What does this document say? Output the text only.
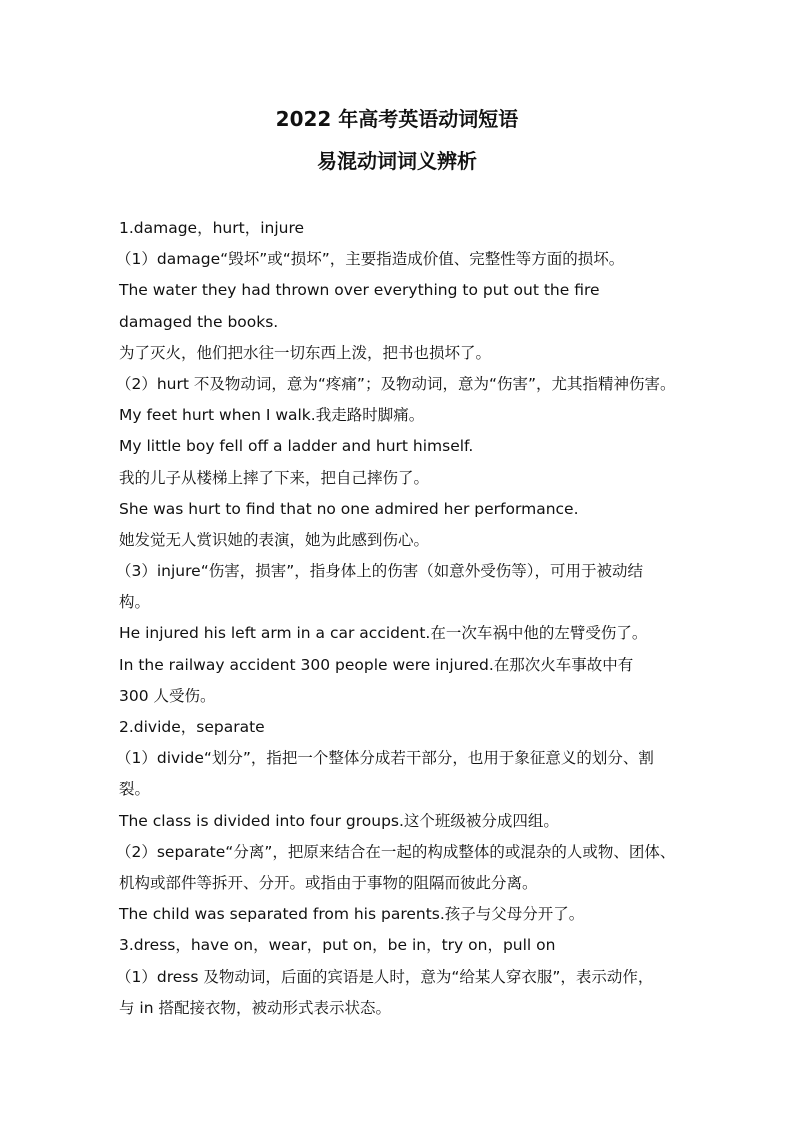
2022 年高考英语动词短语
易混动词词义辨析
1.damage，hurt，injure
（1）damage“毁坏”或“损坏”，主要指造成价值、完整性等方面的损坏。
The water they had thrown over everything to put out the fire
damaged the books.
为了灭火，他们把水往一切东西上泼，把书也损坏了。
（2）hurt 不及物动词，意为“疼痛”；及物动词，意为“伤害”，尤其指精神伤害。
My feet hurt when I walk.我走路时脚痛。
My little boy fell off a ladder and hurt himself.
我的儿子从楼梯上摔了下来，把自己摔伤了。
She was hurt to find that no one admired her performance.
她发觉无人赏识她的表演，她为此感到伤心。
（3）injure“伤害，损害”，指身体上的伤害（如意外受伤等），可用于被动结
构。
He injured his left arm in a car accident.在一次车祸中他的左臂受伤了。
In the railway accident 300 people were injured.在那次火车事故中有
300 人受伤。
2.divide，separate
（1）divide“划分”，指把一个整体分成若干部分，也用于象征意义的划分、割
裂。
The class is divided into four groups.这个班级被分成四组。
（2）separate“分离”，把原来结合在一起的构成整体的或混杂的人或物、团体、
机构或部件等拆开、分开。或指由于事物的阻隔而彼此分离。
The child was separated from his parents.孩子与父母分开了。
3.dress，have on，wear，put on，be in，try on，pull on
（1）dress 及物动词，后面的宾语是人时，意为“给某人穿衣服”，表示动作，
与 in 搭配接衣物，被动形式表示状态。
